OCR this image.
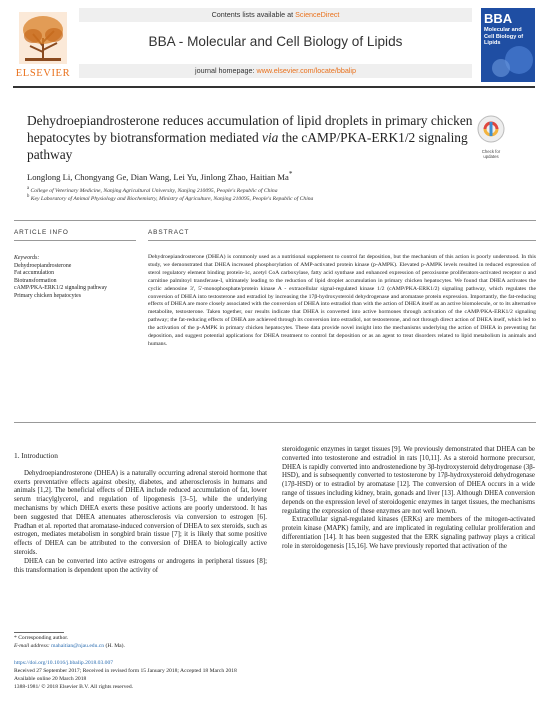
ELSEVIER
Contents lists available at ScienceDirect
BBA - Molecular and Cell Biology of Lipids
journal homepage: www.elsevier.com/locate/bbalip
BBA
Molecular and Cell Biology of Lipids
Dehydroepiandrosterone reduces accumulation of lipid droplets in primary chicken hepatocytes by biotransformation mediated via the cAMP/PKA-ERK1/2 signaling pathway	Check for updates
Longlong Li, Chongyang Ge, Dian Wang, Lei Yu, Jinlong Zhao, Haitian Ma*
$^a$ College of Veterinary Medicine, Nanjing Agricultural University, Nanjing 210095, People's Republic of China
$^b$ Key Laboratory of Animal Physiology and Biochemistry, Ministry of Agriculture, Nanjing 210095, People's Republic of China
ARTICLE INFO
Keywords:
Dehydroepiandrosterone
Fat accumulation
Biotransformation
cAMP/PKA-ERK1/2 signaling pathway
Primary chicken hepatocytes
ABSTRACT
Dehydroepiandrosterone (DHEA) is commonly used as a nutritional supplement to control fat deposition, but the mechanism of this action is poorly understood. In this study, we demonstrated that DHEA increased phosphorylation of AMP-activated protein kinase (p-AMPK). Elevated p-AMPK levels resulted in reduced expression of sterol regulatory element binding protein-1c, acetyl CoA carboxylase, fatty acid synthase and enhanced expression of peroxisome proliferators-activated receptor α and carnitine palmitoyl transferase-I, ultimately leading to the reduction of lipid droplet accumulation in primary chicken hepatocytes. We found that DHEA activates the cyclic adenosine 3′, 5′-monophosphate/protein kinase A - extracellular signal-regulated kinase 1/2 (cAMP/PKA-ERK1/2) signaling pathway, which regulates the conversion of DHEA into testosterone and estradiol by increasing the 17β-hydroxysteroid dehydrogenase and aromatase protein expression. Importantly, the fat-reducing effects of DHEA are more closely associated with the conversion of DHEA into estradiol than with the action of DHEA itself as an active biomolecule, or to its alternative metabolite, testosterone. Taken together, our results indicate that DHEA is converted into active hormones through activation of the cAMP/PKA-ERK1/2 signaling pathway; the fat-reducing effects of DHEA are achieved through its conversion into estradiol, not testosterone, and not through direct action of DHEA itself, which led to the activation of the p-AMPK in primary chicken hepatocytes. These data provide novel insight into the mechanisms underlying the action of DHEA in preventing fat deposition, and suggest potential applications for DHEA treatment to control fat deposition or as an agent to treat disorders related to lipid metabolism in animals and humans.
1. Introduction

Dehydroepiandrosterone (DHEA) is a naturally occurring adrenal steroid hormone that exerts preventative effects against obesity, diabetes, and atherosclerosis in humans and animals [1,2]. The beneficial effects of DHEA include reduced accumulation of fat, lower serum triacylglycerol, and regulation of lipogenesis [3–5], while the underlying mechanisms by which DHEA exerts these positive actions are poorly understood. It has been suggested that DHEA attenuates atherosclerosis via conversion to estrogen [6]. Pradhan et al. reported that aromatase-induced conversion of DHEA to sex steroids, such as estrogen, mediates metabolism in songbird brain tissue [7]; it is likely that some positive effects of DHEA can be attributed to the conversion of DHEA to biologically active steroids.

DHEA can be converted into active estrogens or androgens in peripheral tissues [8]; this transformation is dependent upon the activity of

steroidogenic enzymes in target tissues [9]. We previously demonstrated that DHEA can be converted into testosterone and estradiol in rats [10,11]. As a steroid hormone precursor, DHEA is rapidly converted into androstenedione by 3β-hydroxysteroid dehydrogenase (3β-HSD), and is subsequently converted to testosterone by 17β-hydroxysteroid dehydrogenase (17β-HSD) or to estradiol by aromatase [12]. The conversion of DHEA occurs in a wide range of tissues including kidney, brain, gonads and liver [13]. Although DHEA conversion depends on the expression level of steroidogenic enzymes in target tissues, the mechanisms regulating the expression of these enzymes are not well known.

Extracellular signal-regulated kinases (ERKs) are members of the mitogen-activated protein kinase (MAPK) family, and are implicated in regulating cellular proliferation and differentiation [14]. It has been suggested that the ERK signaling pathway plays a critical role in steroidogenesis [15,16]. We have previously reported that activation of the

* Corresponding author.
E-mail address: mahaitian@njau.edu.cn (H. Ma).
https://doi.org/10.1016/j.bbalip.2018.03.007
Received 27 September 2017; Received in revised form 15 January 2018; Accepted 18 March 2018
Available online 20 March 2018
1388-1981/ © 2018 Elsevier B.V. All rights reserved.
